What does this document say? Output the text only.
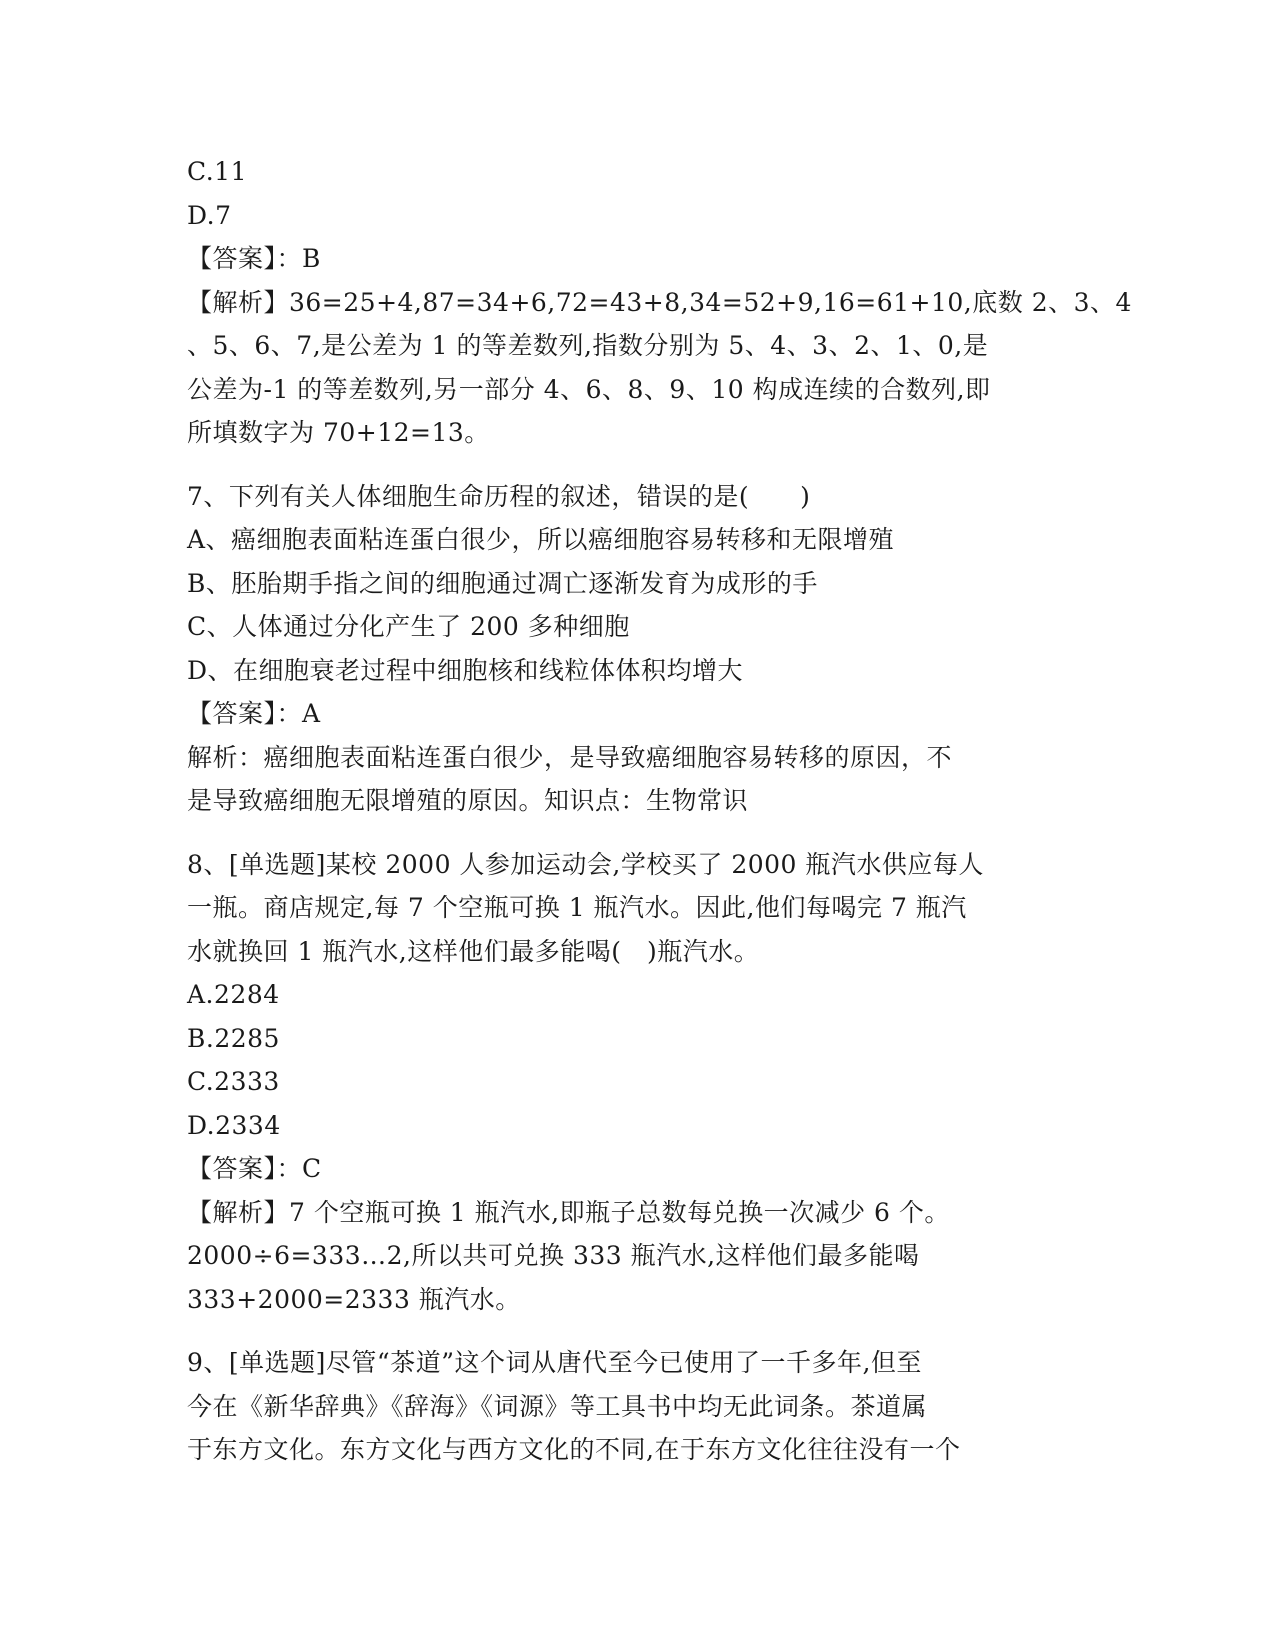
C.11
D.7
【答案】：B
【解析】36=25+4,87=34+6,72=43+8,34=52+9,16=61+10,底数 2、3、4
、5、6、7,是公差为 1 的等差数列,指数分别为 5、4、3、2、1、0,是
公差为-1 的等差数列,另一部分 4、6、8、9、10 构成连续的合数列,即
所填数字为 70+12=13。
7、下列有关人体细胞生命历程的叙述，错误的是(　　)
A、癌细胞表面粘连蛋白很少，所以癌细胞容易转移和无限增殖
B、胚胎期手指之间的细胞通过凋亡逐渐发育为成形的手
C、人体通过分化产生了 200 多种细胞
D、在细胞衰老过程中细胞核和线粒体体积均增大
【答案】：A
解析：癌细胞表面粘连蛋白很少，是导致癌细胞容易转移的原因，不
是导致癌细胞无限增殖的原因。知识点：生物常识
8、[单选题]某校 2000 人参加运动会,学校买了 2000 瓶汽水供应每人
一瓶。商店规定,每 7 个空瓶可换 1 瓶汽水。因此,他们每喝完 7 瓶汽
水就换回 1 瓶汽水,这样他们最多能喝(　)瓶汽水。
A.2284
B.2285
C.2333
D.2334
【答案】：C
【解析】7 个空瓶可换 1 瓶汽水,即瓶子总数每兑换一次减少 6 个。
2000÷6=333…2,所以共可兑换 333 瓶汽水,这样他们最多能喝
333+2000=2333 瓶汽水。
9、[单选题]尽管“茶道”这个词从唐代至今已使用了一千多年,但至
今在《新华辞典》《辞海》《词源》等工具书中均无此词条。茶道属
于东方文化。东方文化与西方文化的不同,在于东方文化往往没有一个
